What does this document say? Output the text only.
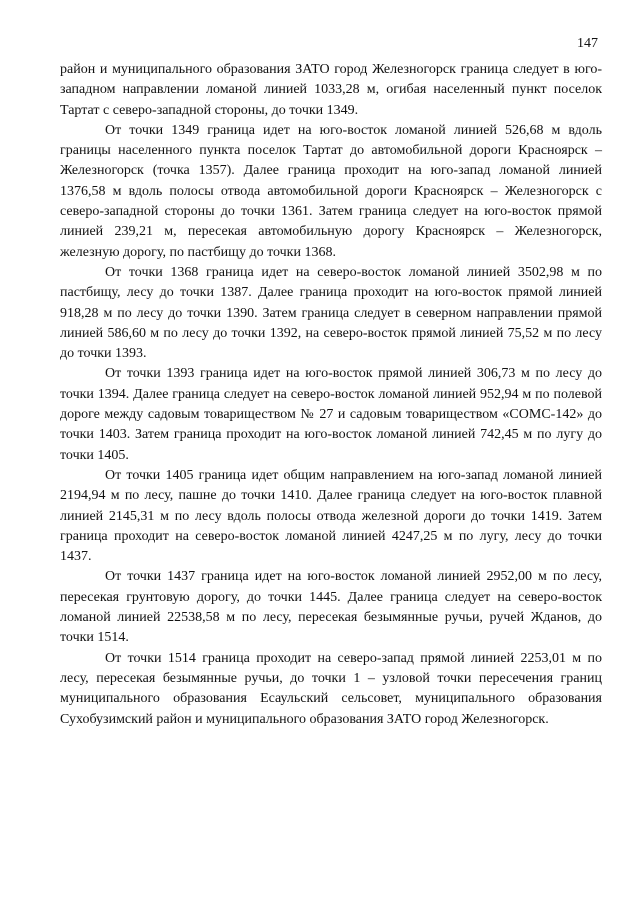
147

район и муниципального образования ЗАТО город Железногорск граница следует в юго-западном направлении ломаной линией 1033,28 м, огибая населенный пункт поселок Тартат с северо-западной стороны, до точки 1349.

От точки 1349 граница идет на юго-восток ломаной линией 526,68 м вдоль границы населенного пункта поселок Тартат до автомобильной дороги Красноярск – Железногорск (точка 1357). Далее граница проходит на юго-запад ломаной линией 1376,58 м вдоль полосы отвода автомобильной дороги Красноярск – Железногорск с северо-западной стороны до точки 1361. Затем граница следует на юго-восток прямой линией 239,21 м, пересекая автомобильную дорогу Красноярск – Железногорск, железную дорогу, по пастбищу до точки 1368.

От точки 1368 граница идет на северо-восток ломаной линией 3502,98 м по пастбищу, лесу до точки 1387. Далее граница проходит на юго-восток прямой линией 918,28 м по лесу до точки 1390. Затем граница следует в северном направлении прямой линией 586,60 м по лесу до точки 1392, на северо-восток прямой линией 75,52 м по лесу до точки 1393.

От точки 1393 граница идет на юго-восток прямой линией 306,73 м по лесу до точки 1394. Далее граница следует на северо-восток ломаной линией 952,94 м по полевой дороге между садовым товариществом № 27 и садовым товариществом «СОМС-142» до точки 1403. Затем граница проходит на юго-восток ломаной линией 742,45 м по лугу до точки 1405.

От точки 1405 граница идет общим направлением на юго-запад ломаной линией 2194,94 м по лесу, пашне до точки 1410. Далее граница следует на юго-восток плавной линией 2145,31 м по лесу вдоль полосы отвода железной дороги до точки 1419. Затем граница проходит на северо-восток ломаной линией 4247,25 м по лугу, лесу до точки 1437.

От точки 1437 граница идет на юго-восток ломаной линией 2952,00 м по лесу, пересекая грунтовую дорогу, до точки 1445. Далее граница следует на северо-восток ломаной линией 22538,58 м по лесу, пересекая безымянные ручьи, ручей Жданов, до точки 1514.

От точки 1514 граница проходит на северо-запад прямой линией 2253,01 м по лесу, пересекая безымянные ручьи, до точки 1 – узловой точки пересечения границ муниципального образования Есаульский сельсовет, муниципального образования Сухобузимский район и муниципального образования ЗАТО город Железногорск.
